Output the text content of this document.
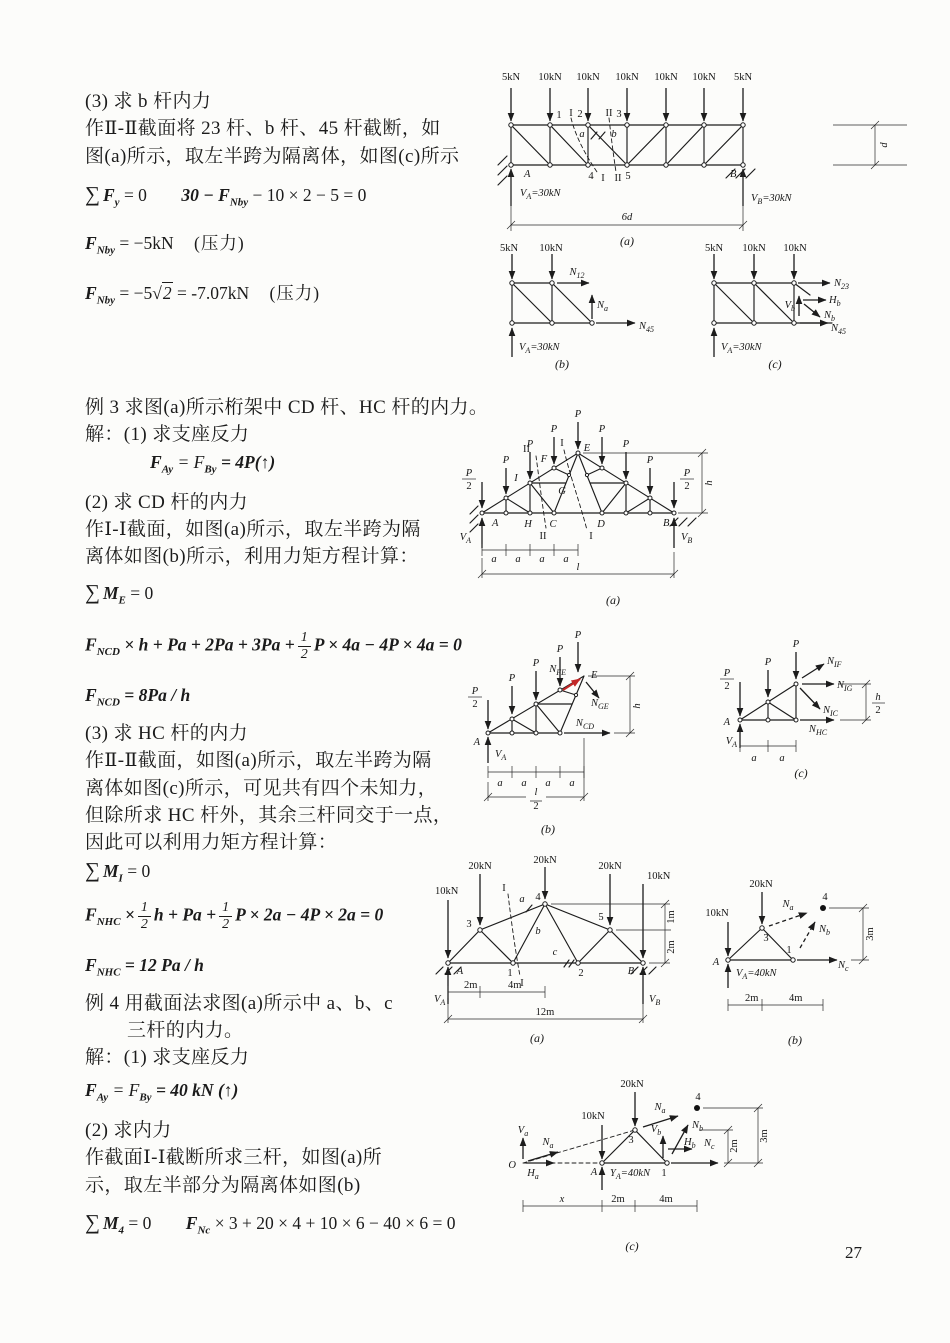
(3) 求 b 杆内力
作Ⅱ-Ⅱ截面将 23 杆、b 杆、45 杆截断，如
图(a)所示，取左半跨为隔离体，如图(c)所示
∑ $F_y = 0$ $30 - F_{Nby} - 10 \times 2 - 5 = 0$
$F_{Nby} = -5kN$ (压力)
$F_{Nby} = -5√2 = -7.07kN$ (压力)
例 3 求图(a)所示桁架中 CD 杆、HC 杆的内力。
解：(1) 求支座反力
$F_{Ay} = F_{By}$ = 4P(↑)
(2) 求 CD 杆的内力
作Ⅰ-Ⅰ截面，如图(a)所示，取左半跨为隔
离体如图(b)所示，利用力矩方程计算：
∑ $M_E = 0$
$F_{NCD} \times h + Pa + 2Pa + 3Pa + \frac{1}{2}$ P × 4a − 4P × 4a = 0
$F_{NCD} = 8Pa / h$
(3) 求 HC 杆的内力
作Ⅱ-Ⅱ截面，如图(a)所示，取左半跨为隔
离体如图(c)所示，可见共有四个未知力，
但除所求 HC 杆外，其余三杆同交于一点，
因此可以利用力矩方程计算：
∑ $M_I = 0$
$F_{NHC} \times \frac{1}{2}$ $h + Pa + \frac{1}{2}$ P × 2a − 4P × 2a = 0
$F_{NHC} = 12$ Pa / h
例 4 用截面法求图(a)所示中 a、b、c
三杆的内力。
解：(1) 求支座反力
$F_{Ay} = F_{By} = 40$ kN (↑)
(2) 求内力
作截面Ⅰ-Ⅰ截断所求三杆，如图(a)所
示，取左半部分为隔离体如图(b)
∑ $M_4 = 0$ $F_{Nc} \times 3 + 20 \times 4 + 10 \times 6 - 40 \times 6 = 0$
27
5kN 10kN 10kN 10kN 10kN 10kN 5kN
1 I 2 II 3
a	b
4 I II 5
A	B
$V_A=30kN$	$V_B=30kN$
6d
d
(a)
5kN 10kN
$N_{12}$
$N_a$
$N_{45}$
$V_A=30kN$
(b)
5kN 10kN 10kN
$N_{23}$
$V_b$
$H_b$
$N_b$
$N_{45}$
$V_A=30kN$
(c)
P
2
P
2
P
P
P
P
P
P
P
I
F
E
G
II
II
I
I
A H C	D	B
$V_A$	$V_B$
a a a a
l
h
(a)
P
2
P
P
P
P
$N_{FE}$ E
$N_{GE}$
$N_{CD}$
A
$V_A$
a a a a
l
2
h
(b)
P
2
P
P
$N_{IF}$
$N_{IG}$
$N_{IC}$
$N_{HC}$
A
$V_A$
a a
h
2
(c)
10kN
20kN
20kN
20kN
10kN
I
I
a
b
c
3
4
5
A	1	2	B
$V_A$	$V_B$
2m	4m
12m
1m
2m
(a)
4
10kN
20kN
$N_a$
$N_b$
$N_c$
A
3
1
$V_A=40kN$
2m	4m
3m
(b)
4
$V_a$
$N_a$
$H_a$
O
10kN
20kN
$N_a$
$V_b$
$N_b$
$H_b$ $N_c$
A
3
1
$Y_A=40kN$
x	2m	4m
2m
3m
(c)
